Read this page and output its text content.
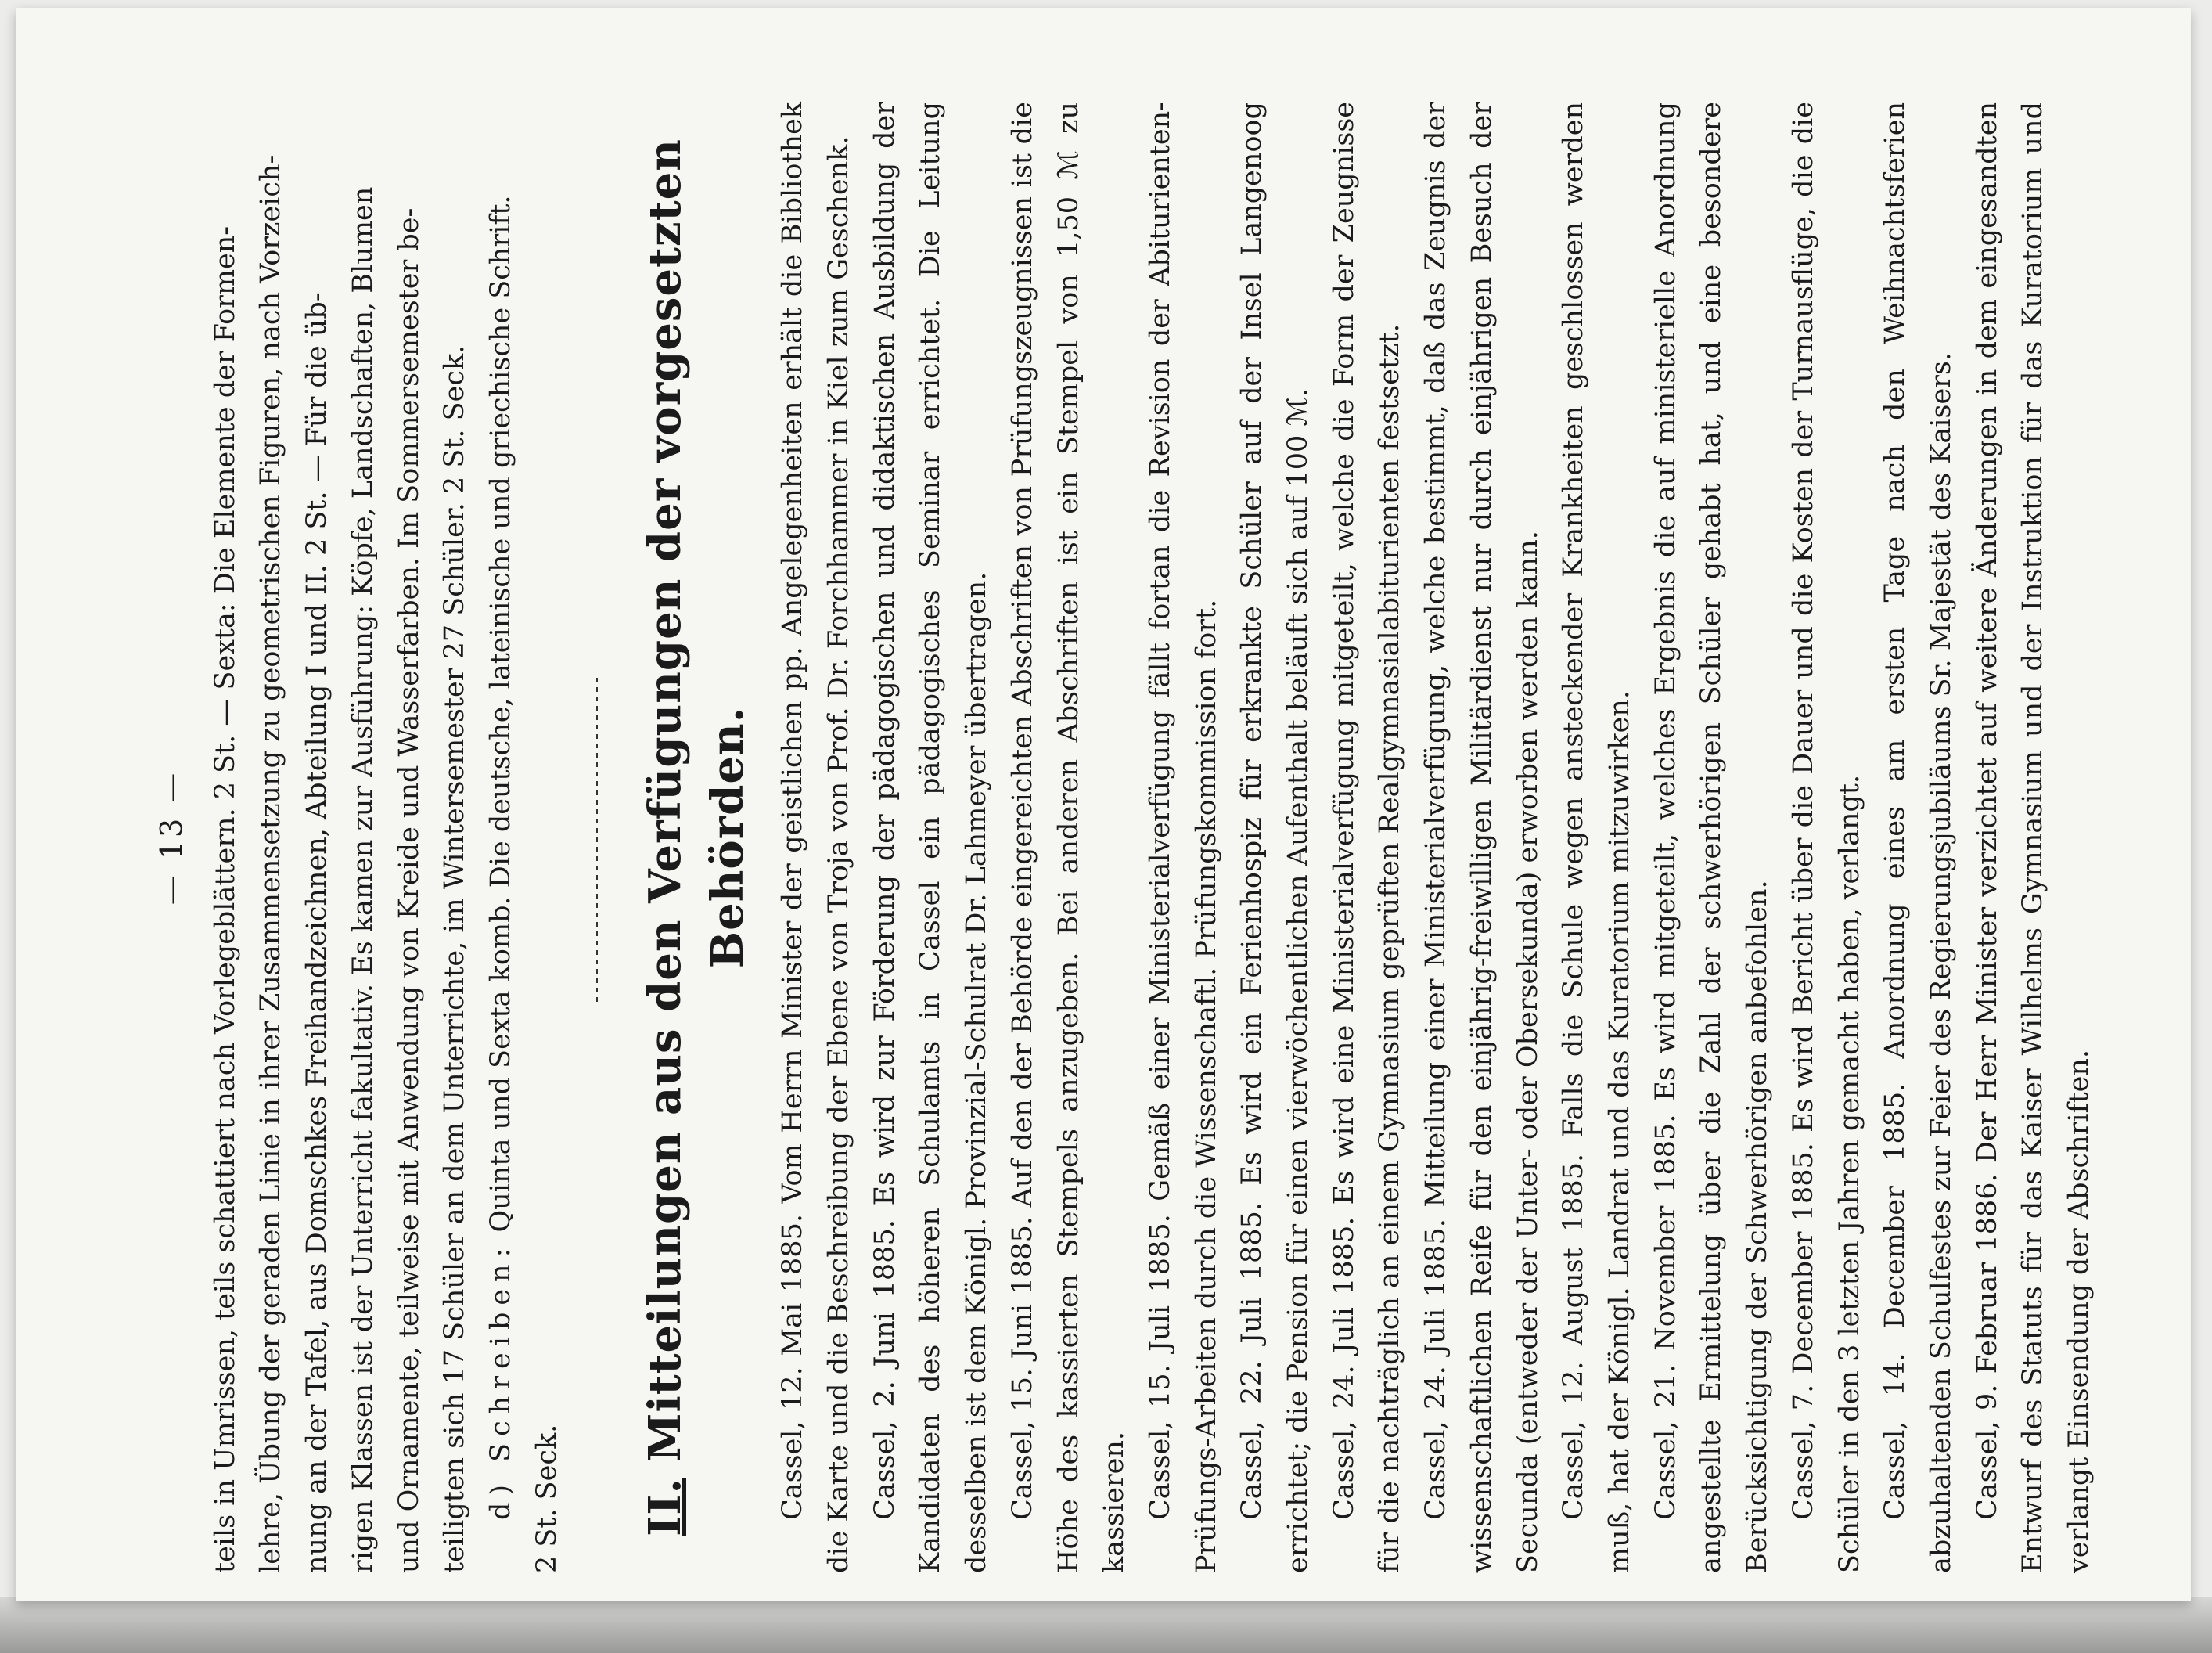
— 13 — teils in Umrissen, teils schattiert nach Vorlegeblättern. 2 St. — Sexta: Die Elemente der Formen- lehre, Übung der geraden Linie in ihrer Zusammensetzung zu geometrischen Figuren, nach Vorzeich- nung an der Tafel, aus Domschkes Freihandzeichnen, Abteilung I und II. 2 St. — Für die üb- rigen Klassen ist der Unterricht fakultativ. Es kamen zur Ausführung: Köpfe, Landschaften, Blumen und Ornamente, teilweise mit Anwendung von Kreide und Wasserfarben. Im Sommersemester be- teiligten sich 17 Schüler an dem Unterrichte, im Wintersemester 27 Schüler. 2 St. Seck. d) Schreiben: Quinta und Sexta komb. Die deutsche, lateinische und griechische Schrift.

2 St. Seck. II. Mitteilungen aus den Verfügungen der vorgesetzten Behörden. Cassel, 12. Mai 1885. Vom Herrn Minister der geistlichen pp. Angelegenheiten erhält die Bibliothek die Karte und die Beschreibung der Ebene von Troja von Prof. Dr. Forchhammer in Kiel zum Geschenk. Cassel, 2. Juni 1885. Es wird zur Förderung der pädagogischen und didaktischen Ausbildung der Kandidaten des höheren Schulamts in Cassel ein pädagogisches Seminar errichtet. Die Leitung desselben ist dem Königl. Provinzial-Schulrat Dr. Lahmeyer übertragen. Cassel, 15. Juni 1885. Auf den der Behörde eingereichten Abschriften von Prüfungszeugnissen ist die Höhe des kassierten Stempels anzugeben. Bei anderen Abschriften ist ein Stempel von 1,50 ℳ zu kassieren. Cassel, 15. Juli 1885. Gemäß einer Ministerialverfügung fällt fortan die Revision der Abiturienten-Prüfungs-Arbeiten durch die Wissenschaftl. Prüfungskommission fort. Cassel, 22. Juli 1885. Es wird ein Ferienhospiz für erkrankte Schüler auf der Insel Langenoog errichtet; die Pension für einen vierwöchentlichen Aufenthalt beläuft sich auf 100 ℳ. Cassel, 24. Juli 1885. Es wird eine Ministerialverfügung mitgeteilt, welche die Form der Zeugnisse für die nachträglich an einem Gymnasium geprüften Realgymnasialabiturienten festsetzt. Cassel, 24. Juli 1885. Mitteilung einer Ministerialverfügung, welche bestimmt, daß das Zeugnis der wissenschaftlichen Reife für den einjährig-freiwilligen Militärdienst nur durch einjährigen Besuch der Secunda (entweder der Unter- oder Obersekunda) erworben werden kann. Cassel, 12. August 1885. Falls die Schule wegen ansteckender Krankheiten geschlossen werden muß, hat der Königl. Landrat und das Kuratorium mitzuwirken. Cassel, 21. November 1885. Es wird mitgeteilt, welches Ergebnis die auf ministerielle Anordnung angestellte Ermittelung über die Zahl der schwerhörigen Schüler gehabt hat, und eine besondere Berücksichtigung der Schwerhörigen anbefohlen. Cassel, 7. December 1885. Es wird Bericht über die Dauer und die Kosten der Turnausflüge, die die Schüler in den 3 letzten Jahren gemacht haben, verlangt. Cassel, 14. December 1885. Anordnung eines am ersten Tage nach den Weihnachtsferien abzuhaltenden Schulfestes zur Feier des Regierungsjubiläums Sr. Majestät des Kaisers. Cassel, 9. Februar 1886. Der Herr Minister verzichtet auf weitere Änderungen in dem eingesandten Entwurf des Statuts für das Kaiser Wilhelms Gymnasium und der Instruktion für das Kuratorium und verlangt Einsendung der Abschriften.
